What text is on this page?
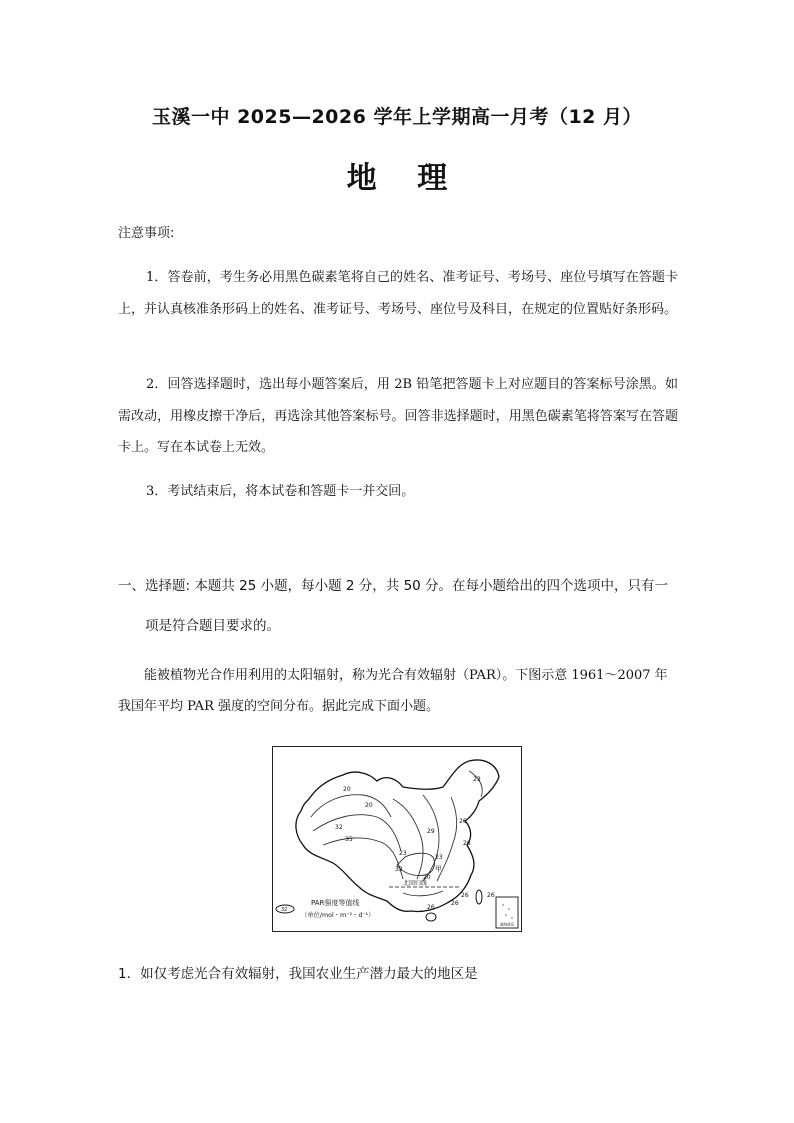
玉溪一中 2025—2026 学年上学期高一月考（12 月）
地 理
注意事项:
1．答卷前，考生务必用黑色碳素笔将自己的姓名、准考证号、考场号、座位号填写在答题卡上，并认真核准条形码上的姓名、准考证号、考场号、座位号及科目，在规定的位置贴好条形码。
2．回答选择题时，选出每小题答案后，用 2B 铅笔把答题卡上对应题目的答案标号涂黑。如需改动，用橡皮擦干净后，再选涂其他答案标号。回答非选择题时，用黑色碳素笔将答案写在答题卡上。写在本试卷上无效。
3．考试结束后，将本试卷和答题卡一并交回。
一、选择题: 本题共 25 小题，每小题 2 分，共 50 分。在每小题给出的四个选项中，只有一
项是符合题目要求的。
能被植物光合作用利用的太阳辐射，称为光合有效辐射（PAR）。下图示意 1961～2007 年我国年平均 PAR 强度的空间分布。据此完成下面小题。
南海诸岛
20
20
32
35
29
26
26
23
23
23
20
32	甲
26
26
26	26
北回归线
32
PAR强度等值线
（单位/mol・m⁻²・d⁻¹）
1．如仅考虑光合有效辐射，我国农业生产潜力最大的地区是
